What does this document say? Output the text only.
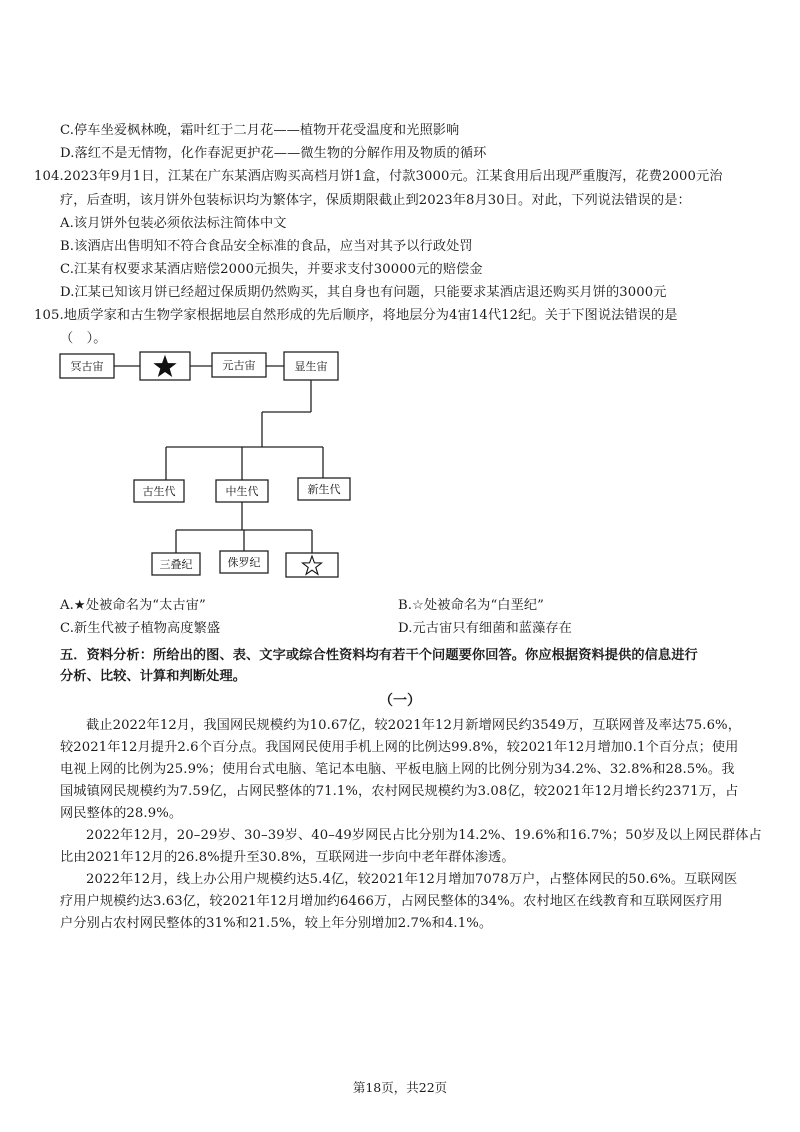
C.停车坐爱枫林晚，霜叶红于二月花——植物开花受温度和光照影响
D.落红不是无情物，化作春泥更护花——微生物的分解作用及物质的循环
104.2023年9月1日，江某在广东某酒店购买高档月饼1盒，付款3000元。江某食用后出现严重腹泻，花费2000元治
疗，后查明，该月饼外包装标识均为繁体字，保质期限截止到2023年8月30日。对此，下列说法错误的是：
A.该月饼外包装必须依法标注简体中文
B.该酒店出售明知不符合食品安全标准的食品，应当对其予以行政处罚
C.江某有权要求某酒店赔偿2000元损失，并要求支付30000元的赔偿金
D.江某已知该月饼已经超过保质期仍然购买，其自身也有问题，只能要求某酒店退还购买月饼的3000元
105.地质学家和古生物学家根据地层自然形成的先后顺序，将地层分为4宙14代12纪。关于下图说法错误的是
（　）。
冥古宙	元古宙	显生宙
古生代	中生代	新生代
三叠纪	侏罗纪
A.★处被命名为“太古宙”	B.☆处被命名为“白垩纪”
C.新生代被子植物高度繁盛	D.元古宙只有细菌和蓝藻存在
五．资料分析：所给出的图、表、文字或综合性资料均有若干个问题要你回答。你应根据资料提供的信息进行
分析、比较、计算和判断处理。
（一）
截止2022年12月，我国网民规模约为10.67亿，较2021年12月新增网民约3549万，互联网普及率达75.6%，
较2021年12月提升2.6个百分点。我国网民使用手机上网的比例达99.8%，较2021年12月增加0.1个百分点；使用
电视上网的比例为25.9%；使用台式电脑、笔记本电脑、平板电脑上网的比例分别为34.2%、32.8%和28.5%。我
国城镇网民规模约为7.59亿，占网民整体的71.1%，农村网民规模约为3.08亿，较2021年12月增长约2371万，占
网民整体的28.9%。
2022年12月，20–29岁、30–39岁、40–49岁网民占比分别为14.2%、19.6%和16.7%；50岁及以上网民群体占
比由2021年12月的26.8%提升至30.8%，互联网进一步向中老年群体渗透。
2022年12月，线上办公用户规模约达5.4亿，较2021年12月增加7078万户，占整体网民的50.6%。互联网医
疗用户规模约达3.63亿，较2021年12月增加约6466万，占网民整体的34%。农村地区在线教育和互联网医疗用
户分别占农村网民整体的31%和21.5%，较上年分别增加2.7%和4.1%。
第18页，共22页
